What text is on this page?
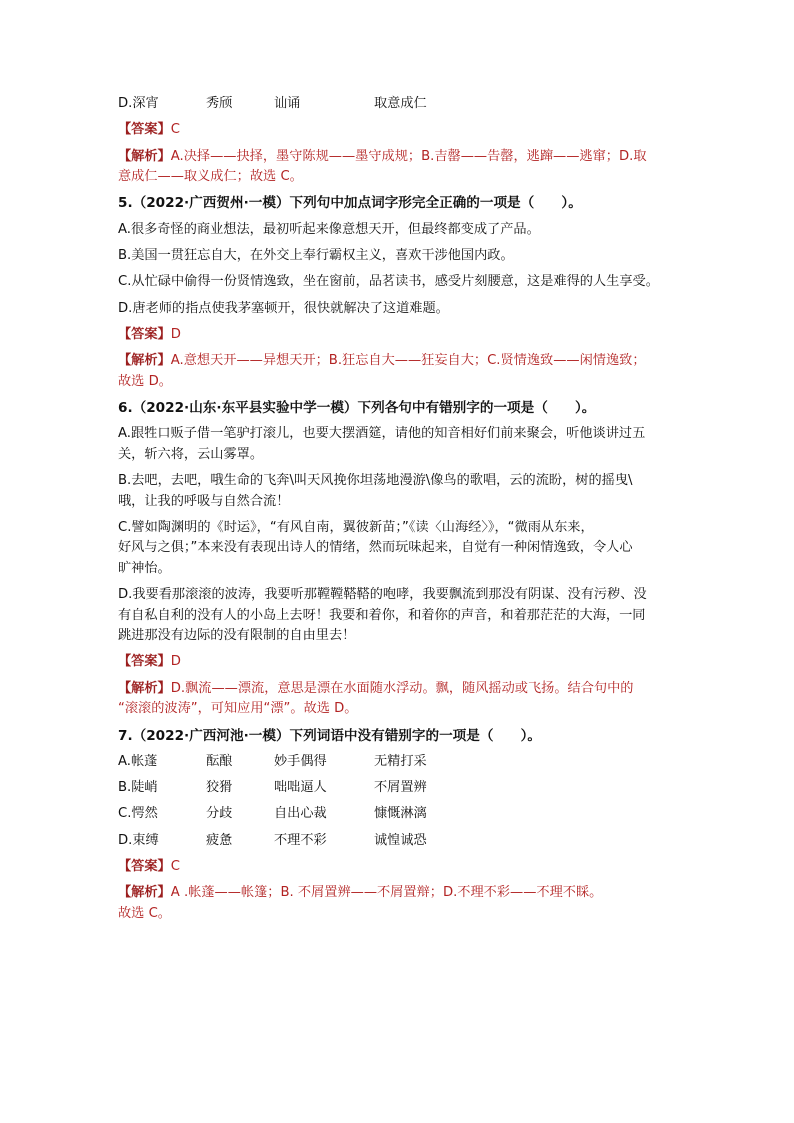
D.深宵	秀颀	讪诵	取意成仁
【答案】C
【解析】A.决择——抉择，墨守陈规——墨守成规；B.吉罄——告罄，逃蹿——逃窜；D.取
意成仁——取义成仁；故选 C。
5.（2022·广西贺州·一模）下列句中加点词字形完全正确的一项是（　　）。
A.很多奇怪的商业想法，最初听起来像意想天开，但最终都变成了产品。
B.美国一贯狂忘自大，在外交上奉行霸权主义，喜欢干涉他国内政。
C.从忙碌中偷得一份贤情逸致，坐在窗前，品茗读书，感受片刻腰意，这是难得的人生享受。
D.唐老师的指点使我茅塞顿开，很快就解决了这道难题。
【答案】D
【解析】A.意想天开——异想天开；B.狂忘自大——狂妄自大；C.贤情逸致——闲情逸致；
故选 D。
6.（2022·山东·东平县实验中学一模）下列各句中有错别字的一项是（　　）。
A.跟牲口贩子借一笔驴打滚儿，也要大摆酒筵，请他的知音相好们前来聚会，听他谈讲过五
关，斩六将，云山雾罩。
B.去吧，去吧，哦生命的飞奔\叫天风挽你坦荡地漫游\像鸟的歌唱，云的流盼，树的摇曳\
哦，让我的呼吸与自然合流！
C.譬如陶渊明的《时运》，“有风自南，翼彼新苗；”《读〈山海经〉》，“微雨从东来，
好风与之俱；”本来没有表现出诗人的情绪，然而玩味起来，自觉有一种闲情逸致，令人心
旷神怡。
D.我要看那滚滚的波涛，我要听那鞺鞺鞳鞳的咆哮，我要飘流到那没有阴谋、没有污秽、没
有自私自利的没有人的小岛上去呀！我要和着你，和着你的声音，和着那茫茫的大海，一同
跳进那没有边际的没有限制的自由里去！
【答案】D
【解析】D.飘流——漂流，意思是漂在水面随水浮动。飘，随风摇动或飞扬。结合句中的
“滚滚的波涛”，可知应用“漂”。故选 D。
7.（2022·广西河池·一模）下列词语中没有错别字的一项是（　　）。
A.帐蓬	酝酿	妙手偶得	无精打采
B.陡峭	狡猾	咄咄逼人	不屑置辨
C.愕然	分歧	自出心裁	慷慨淋漓
D.束缚	疲惫	不理不彩	诚惶诚恐
【答案】C
【解析】A .帐蓬——帐篷；B. 不屑置辨——不屑置辩；D.不理不彩——不理不睬。
故选 C。
